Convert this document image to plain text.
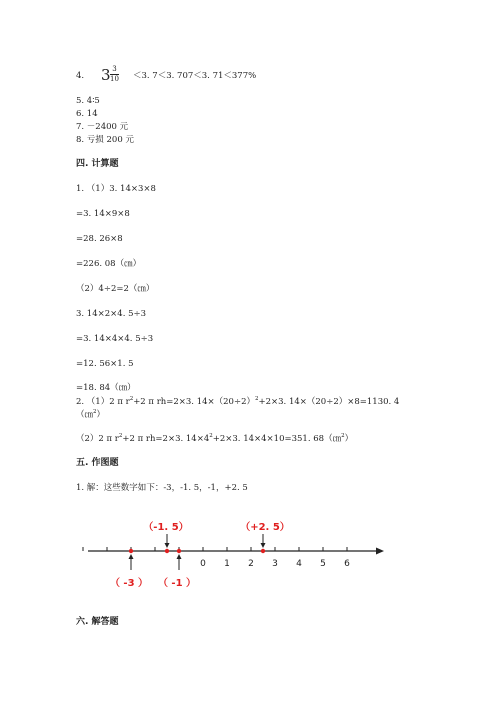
4. 3 3
10 ＜3. 7＜3. 707＜3. 71＜377%
5. 4∶5
6. 14
7. －2400 元
8. 亏损 200 元
四. 计算题
1. （1）3. 14×3×8
=3. 14×9×8
=28. 26×8
=226. 08（㎝）
（2）4÷2=2（㎝）
3. 14×2×4. 5÷3
=3. 14×4×4. 5÷3
=12. 56×1. 5
=18. 84（㎝）
2. （1）2 π $r^2+2$ π rh=2×3. $14\times(20\div 2)^2+2\times 3$. 14×（20÷2）×8=1130. 4
（㎝$^2$）
（2）2 π $r^2+2$ π rh=2×3. $14\times 4^2+2\times 3$. 14×4×10=351. 68（㎝$^2$）
五. 作图题
1. 解：这些数字如下：-3，-1. 5，-1，+2. 5
0 1 2 3 4 5 6
（-1. 5）	（+2. 5）
（ -3 ） （ -1 ）
六. 解答题
